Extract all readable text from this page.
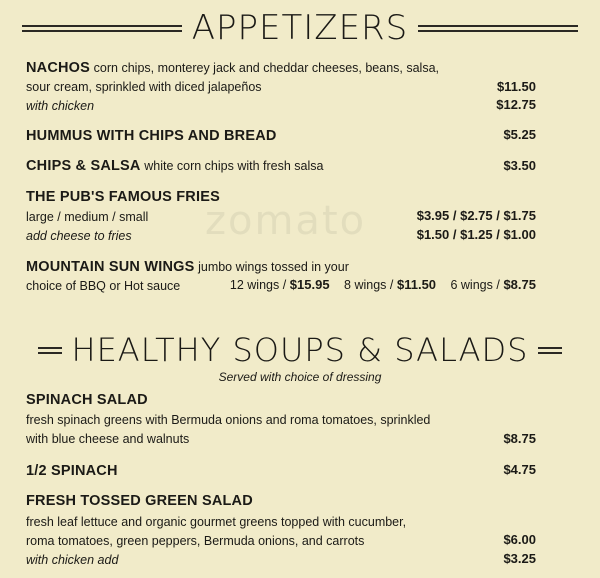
zomato
APPETIZERS
NACHOS corn chips, monterey jack and cheddar cheeses, beans, salsa,
sour cream, sprinkled with diced jalapeños	$11.50
with chicken	$12.75
HUMMUS WITH CHIPS AND BREAD	$5.25
CHIPS & SALSA white corn chips with fresh salsa	$3.50
THE PUB'S FAMOUS FRIES
large / medium / small	$3.95 / $2.75 / $1.75
add cheese to fries	$1.50 / $1.25 / $1.00
MOUNTAIN SUN WINGS jumbo wings tossed in your
choice of BBQ or Hot sauce	12 wings / $15.95 8 wings / $11.50 6 wings / $8.75
HEALTHY SOUPS & SALADS
Served with choice of dressing
SPINACH SALAD
fresh spinach greens with Bermuda onions and roma tomatoes, sprinkled
with blue cheese and walnuts	$8.75
1/2 SPINACH	$4.75
FRESH TOSSED GREEN SALAD
fresh leaf lettuce and organic gourmet greens topped with cucumber,
roma tomatoes, green peppers, Bermuda onions, and carrots	$6.00
with chicken add	$3.25
